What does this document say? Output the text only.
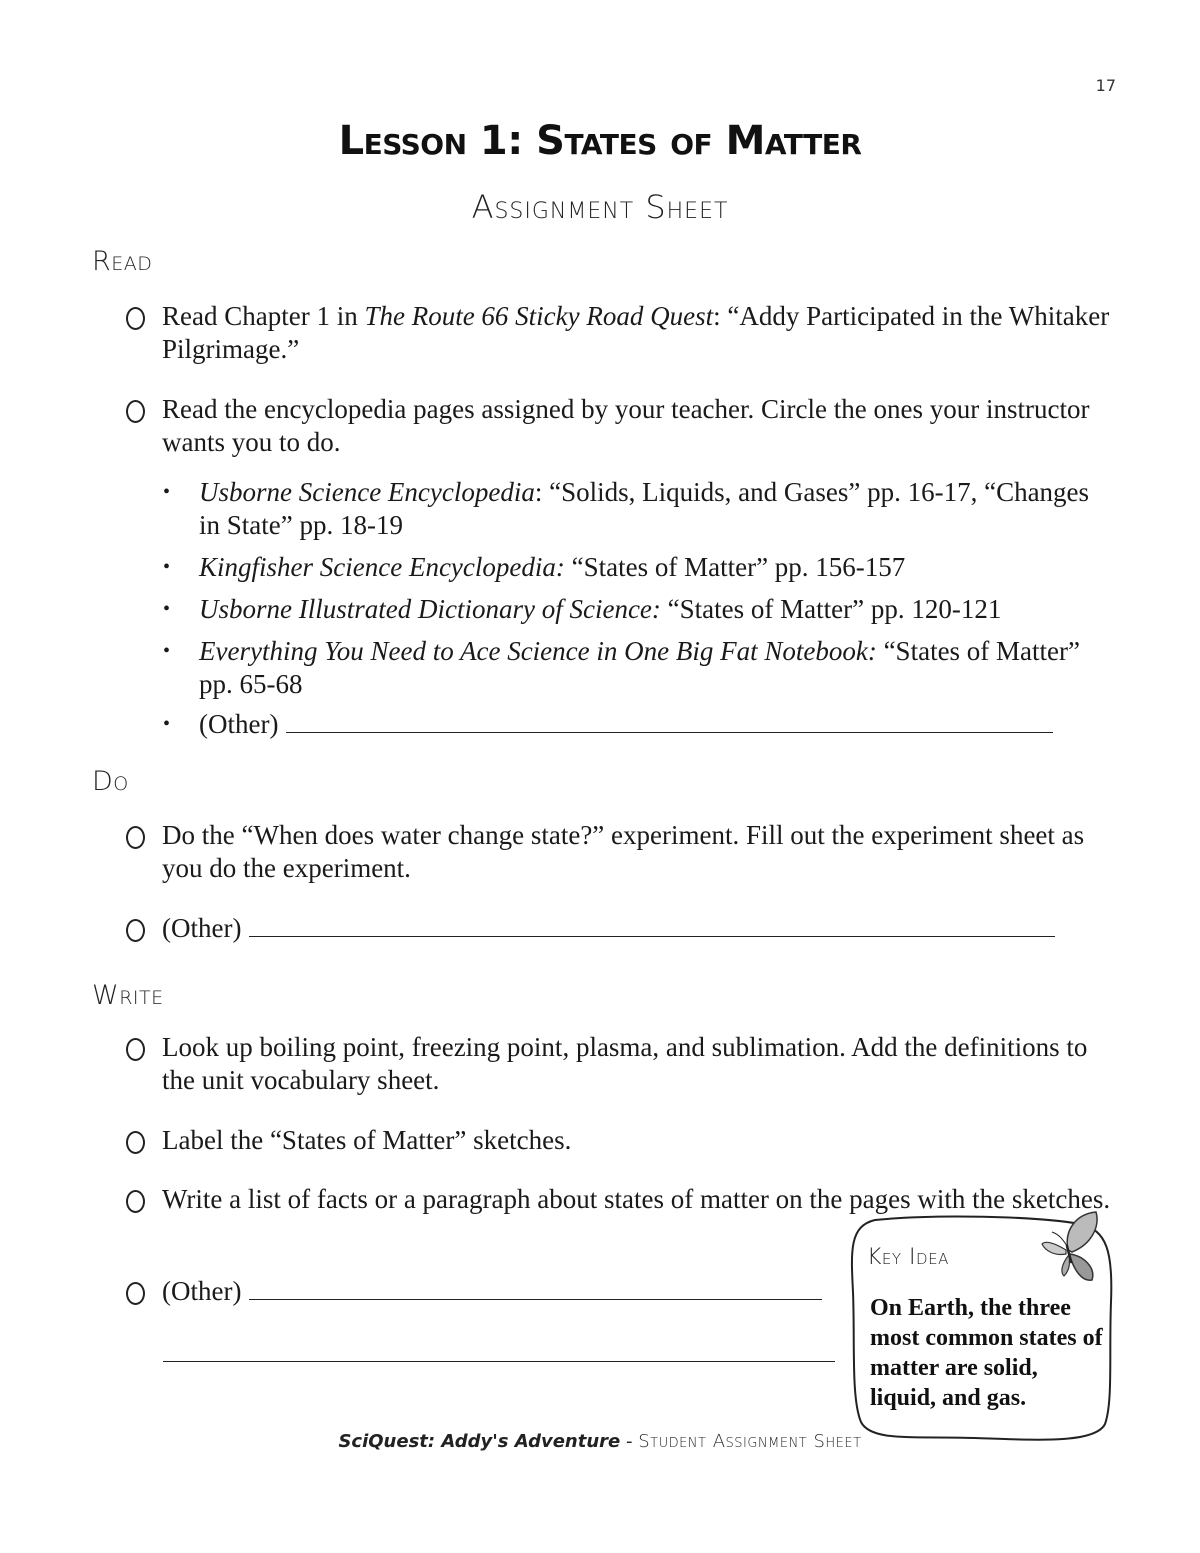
17
Lesson 1: States of Matter
Assignment Sheet
Read
Read Chapter 1 in The Route 66 Sticky Road Quest: “Addy Participated in the Whitaker Pilgrimage.”
Read the encyclopedia pages assigned by your teacher. Circle the ones your instructor wants you to do.
•	Usborne Science Encyclopedia: “Solids, Liquids, and Gases” pp. 16-17, “Changes in State” pp. 18-19
•	Kingfisher Science Encyclopedia: “States of Matter” pp. 156-157
•	Usborne Illustrated Dictionary of Science: “States of Matter” pp. 120-121
•	Everything You Need to Ace Science in One Big Fat Notebook: “States of Matter” pp. 65-68
•	(Other)
Do
Do the “When does water change state?” experiment. Fill out the experiment sheet as you do the experiment.
(Other)
Write
Look up boiling point, freezing point, plasma, and sublimation. Add the definitions to the unit vocabulary sheet.
Label the “States of Matter” sketches.
Write a list of facts or a paragraph about states of matter on the pages with the sketches.
(Other)
Key Idea
On Earth, the three most common states of matter are solid, liquid, and gas.
SciQuest: Addy's Adventure - Student Assignment Sheet
